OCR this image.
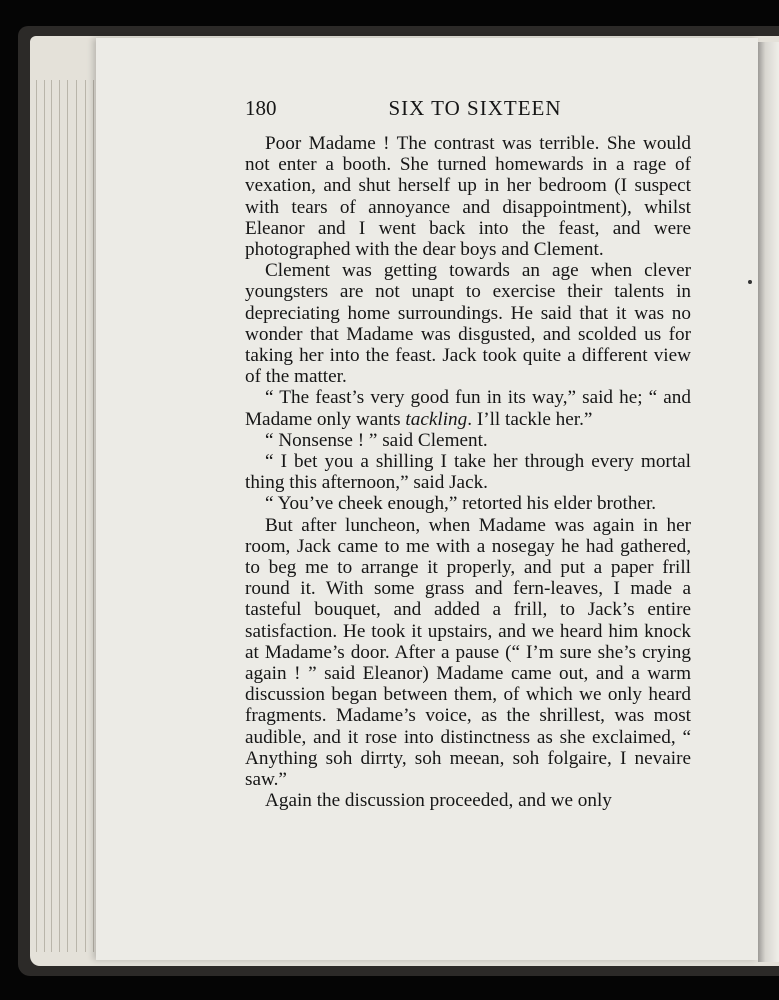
180	SIX TO SIXTEEN

Poor Madame ! The contrast was terrible. She would not enter a booth. She turned homewards in a rage of vexation, and shut herself up in her bedroom (I suspect with tears of annoyance and disappointment), whilst Eleanor and I went back into the feast, and were photographed with the dear boys and Clement.

Clement was getting towards an age when clever youngsters are not unapt to exercise their talents in depreciating home surroundings. He said that it was no wonder that Madame was disgusted, and scolded us for taking her into the feast. Jack took quite a different view of the matter.

“ The feast’s very good fun in its way,” said he; “ and Madame only wants tackling. I’ll tackle her.”

“ Nonsense ! ” said Clement.

“ I bet you a shilling I take her through every mortal thing this afternoon,” said Jack.

“ You’ve cheek enough,” retorted his elder brother.

But after luncheon, when Madame was again in her room, Jack came to me with a nosegay he had gathered, to beg me to arrange it properly, and put a paper frill round it. With some grass and fern-leaves, I made a tasteful bouquet, and added a frill, to Jack’s entire satisfaction. He took it upstairs, and we heard him knock at Madame’s door. After a pause (“ I’m sure she’s crying again ! ” said Eleanor) Madame came out, and a warm discussion began between them, of which we only heard fragments. Madame’s voice, as the shrillest, was most audible, and it rose into distinctness as she exclaimed, “ Anything soh dirrty, soh meean, soh folgaire, I nevaire saw.”

Again the discussion proceeded, and we only
